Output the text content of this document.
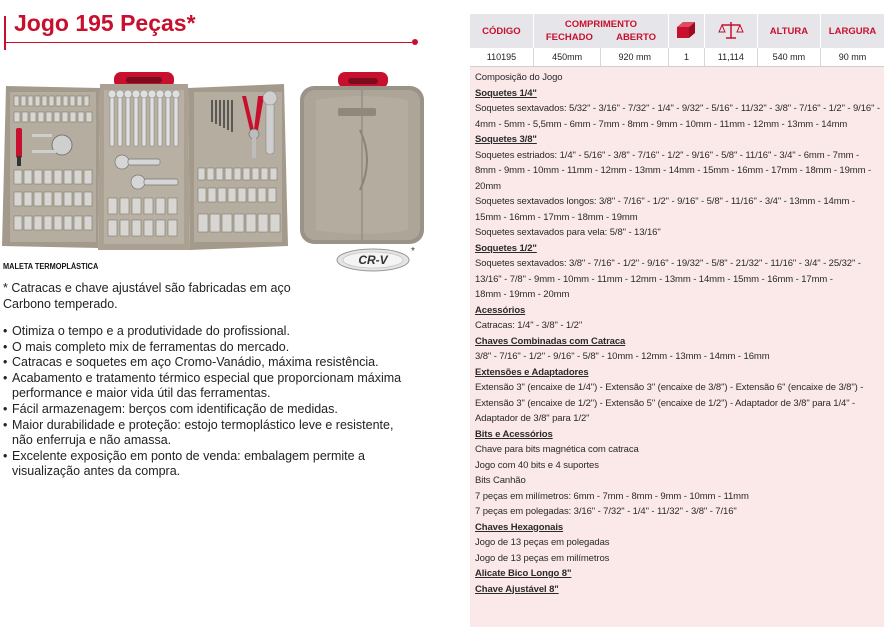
Jogo 195 Peças*
CR-V
*
MALETA TERMOPLÁSTICA
* Catracas e chave ajustável são fabricadas em aço Carbono temperado.
• Otimiza o tempo e a produtividade do profissional.
• O mais completo mix de ferramentas do mercado.
• Catracas e soquetes em aço Cromo-Vanádio, máxima resistência.
• Acabamento e tratamento térmico especial que proporcionam máxima performance e maior vida útil das ferramentas.
• Fácil armazenagem: berços com identificação de medidas.
• Maior durabilidade e proteção: estojo termoplástico leve e resistente, não enferruja e não amassa.
• Excelente exposição em ponto de venda: embalagem permite a visualização antes da compra.
CÓDIGO	COMPRIMENTO
FECHADO ABERTO			ALTURA	LARGURA
110195	450mm 920 mm	1	11,114	540 mm	90 mm
Composição do Jogo
Soquetes 1/4"
Soquetes sextavados: 5/32" - 3/16" - 7/32" - 1/4" - 9/32" - 5/16" - 11/32" - 3/8" - 7/16" - 1/2" - 9/16" - 4mm - 5mm - 5,5mm - 6mm - 7mm - 8mm - 9mm - 10mm - 11mm - 12mm - 13mm - 14mm
Soquetes 3/8"
Soquetes estriados: 1/4" - 5/16" - 3/8" - 7/16" - 1/2" - 9/16" - 5/8" - 11/16" - 3/4" - 6mm - 7mm - 8mm - 9mm - 10mm - 11mm - 12mm - 13mm - 14mm - 15mm - 16mm - 17mm - 18mm - 19mm - 20mm
Soquetes sextavados longos: 3/8" - 7/16" - 1/2" - 9/16" - 5/8" - 11/16" - 3/4" - 13mm - 14mm - 15mm - 16mm - 17mm - 18mm - 19mm
Soquetes sextavados para vela: 5/8" - 13/16"
Soquetes 1/2"
Soquetes sextavados: 3/8" - 7/16" - 1/2" - 9/16" - 19/32" - 5/8" - 21/32" - 11/16" - 3/4" - 25/32" - 13/16" - 7/8" - 9mm - 10mm - 11mm - 12mm - 13mm - 14mm - 15mm - 16mm - 17mm -
18mm - 19mm - 20mm
Acessórios
Catracas: 1/4" - 3/8" - 1/2"
Chaves Combinadas com Catraca
3/8" - 7/16" - 1/2" - 9/16" - 5/8" - 10mm - 12mm - 13mm - 14mm - 16mm
Extensões e Adaptadores
Extensão 3" (encaixe de 1/4") - Extensão 3" (encaixe de 3/8") - Extensão 6" (encaixe de 3/8") - Extensão 3" (encaixe de 1/2") - Extensão 5" (encaixe de 1/2") - Adaptador de 3/8" para 1/4" - Adaptador de 3/8" para 1/2"
Bits e Acessórios
Chave para bits magnética com catraca
Jogo com 40 bits e 4 suportes
Bits Canhão
7 peças em milímetros: 6mm - 7mm - 8mm - 9mm - 10mm - 11mm
7 peças em polegadas: 3/16" - 7/32" - 1/4" - 11/32" - 3/8" - 7/16"
Chaves Hexagonais
Jogo de 13 peças em polegadas
Jogo de 13 peças em milímetros
Alicate Bico Longo 8"
Chave Ajustável 8"
